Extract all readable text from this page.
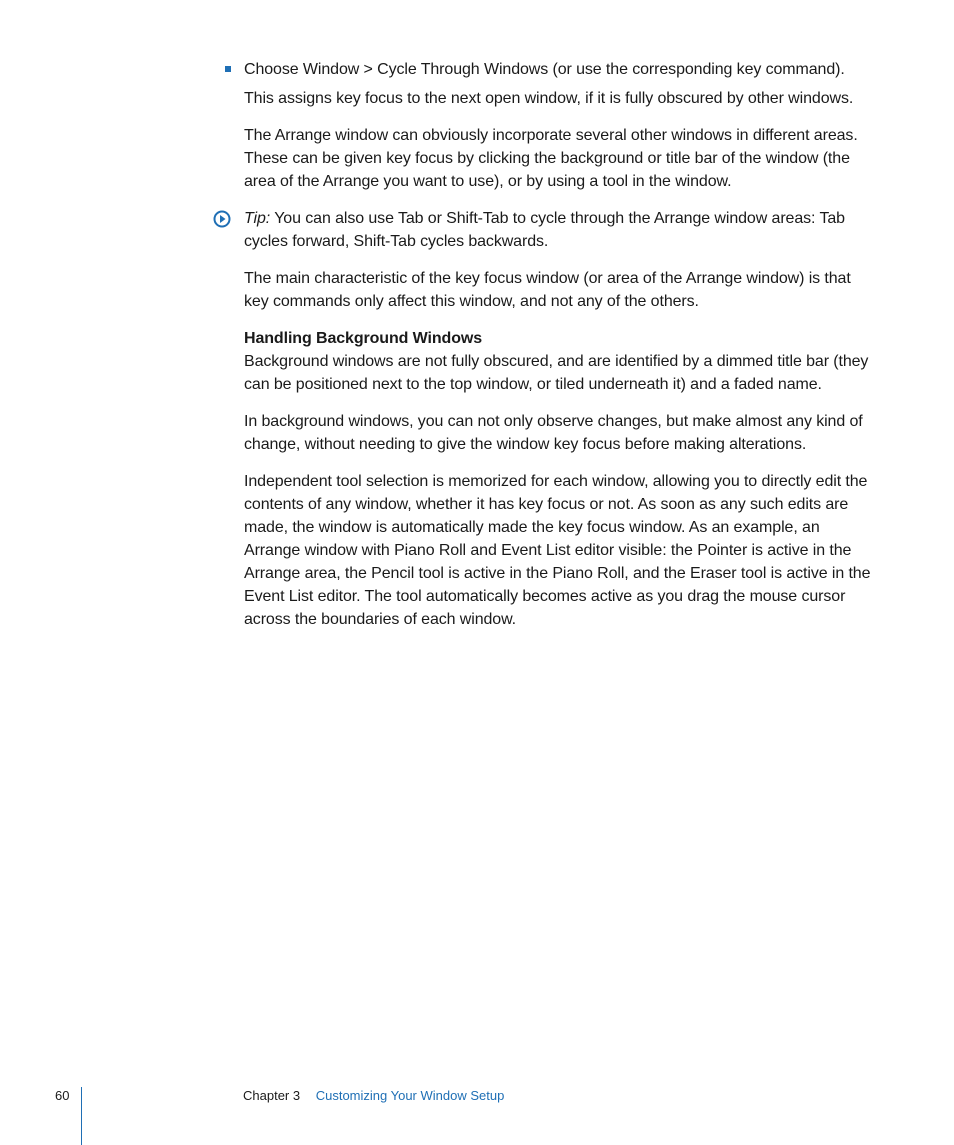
Choose Window > Cycle Through Windows (or use the corresponding key command).

This assigns key focus to the next open window, if it is fully obscured by other windows.

The Arrange window can obviously incorporate several other windows in different areas. These can be given key focus by clicking the background or title bar of the window (the area of the Arrange you want to use), or by using a tool in the window.

Tip: You can also use Tab or Shift-Tab to cycle through the Arrange window areas: Tab cycles forward, Shift-Tab cycles backwards.

The main characteristic of the key focus window (or area of the Arrange window) is that key commands only affect this window, and not any of the others.

Handling Background Windows

Background windows are not fully obscured, and are identified by a dimmed title bar (they can be positioned next to the top window, or tiled underneath it) and a faded name.

In background windows, you can not only observe changes, but make almost any kind of change, without needing to give the window key focus before making alterations.

Independent tool selection is memorized for each window, allowing you to directly edit the contents of any window, whether it has key focus or not. As soon as any such edits are made, the window is automatically made the key focus window. As an example, an Arrange window with Piano Roll and Event List editor visible: the Pointer is active in the Arrange area, the Pencil tool is active in the Piano Roll, and the Eraser tool is active in the Event List editor. The tool automatically becomes active as you drag the mouse cursor across the boundaries of each window.

60	Chapter 3 Customizing Your Window Setup
